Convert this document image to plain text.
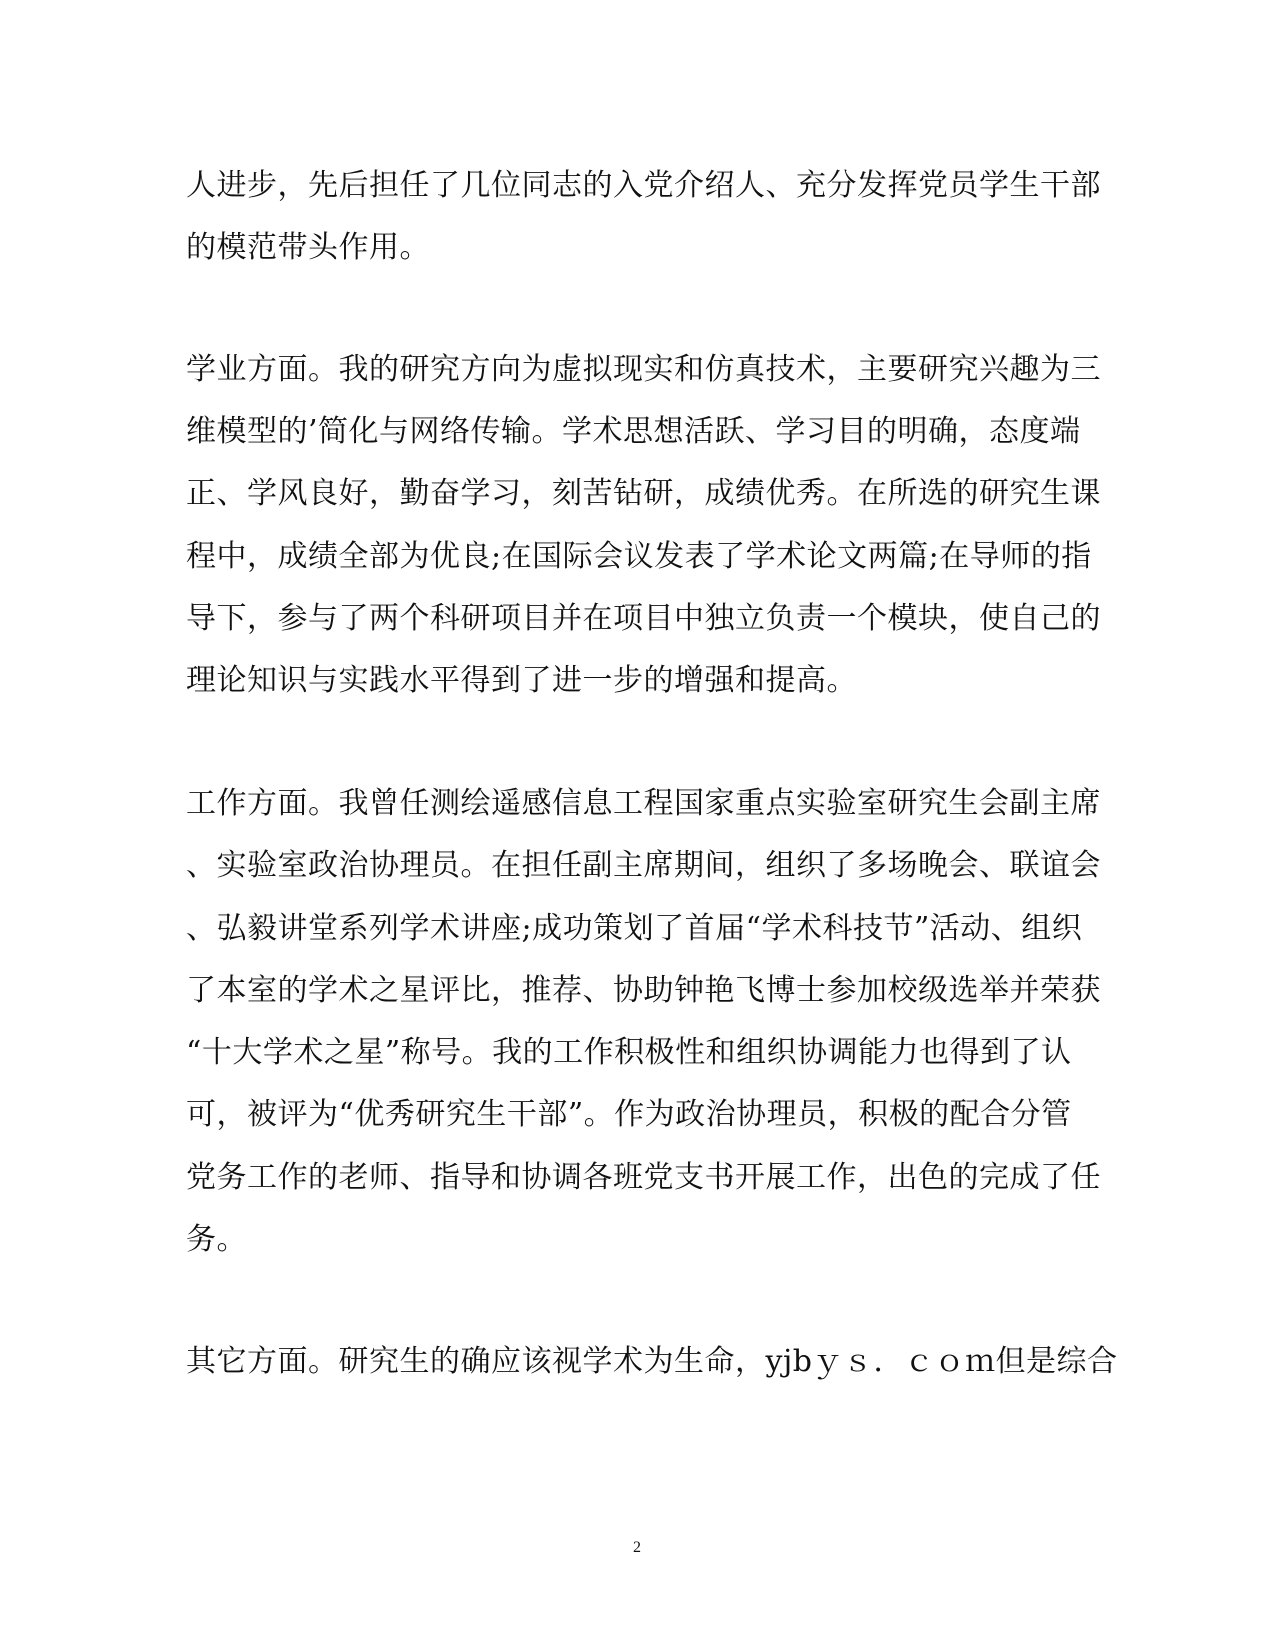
人进步，先后担任了几位同志的入党介绍人、充分发挥党员学生干部
的模范带头作用。
学业方面。我的研究方向为虚拟现实和仿真技术，主要研究兴趣为三
维模型的’简化与网络传输。学术思想活跃、学习目的明确，态度端
正、学风良好，勤奋学习，刻苦钻研，成绩优秀。在所选的研究生课
程中，成绩全部为优良;在国际会议发表了学术论文两篇;在导师的指
导下，参与了两个科研项目并在项目中独立负责一个模块，使自己的
理论知识与实践水平得到了进一步的增强和提高。
工作方面。我曾任测绘遥感信息工程国家重点实验室研究生会副主席
、实验室政治协理员。在担任副主席期间，组织了多场晚会、联谊会
、弘毅讲堂系列学术讲座;成功策划了首届“学术科技节”活动、组织
了本室的学术之星评比，推荐、协助钟艳飞博士参加校级选举并荣获
“十大学术之星”称号。我的工作积极性和组织协调能力也得到了认
可，被评为“优秀研究生干部”。作为政治协理员，积极的配合分管
党务工作的老师、指导和协调各班党支书开展工作，出色的完成了任
务。
其它方面。研究生的确应该视学术为生命，yjbｙｓ．ｃｏｍ但是综合
2
